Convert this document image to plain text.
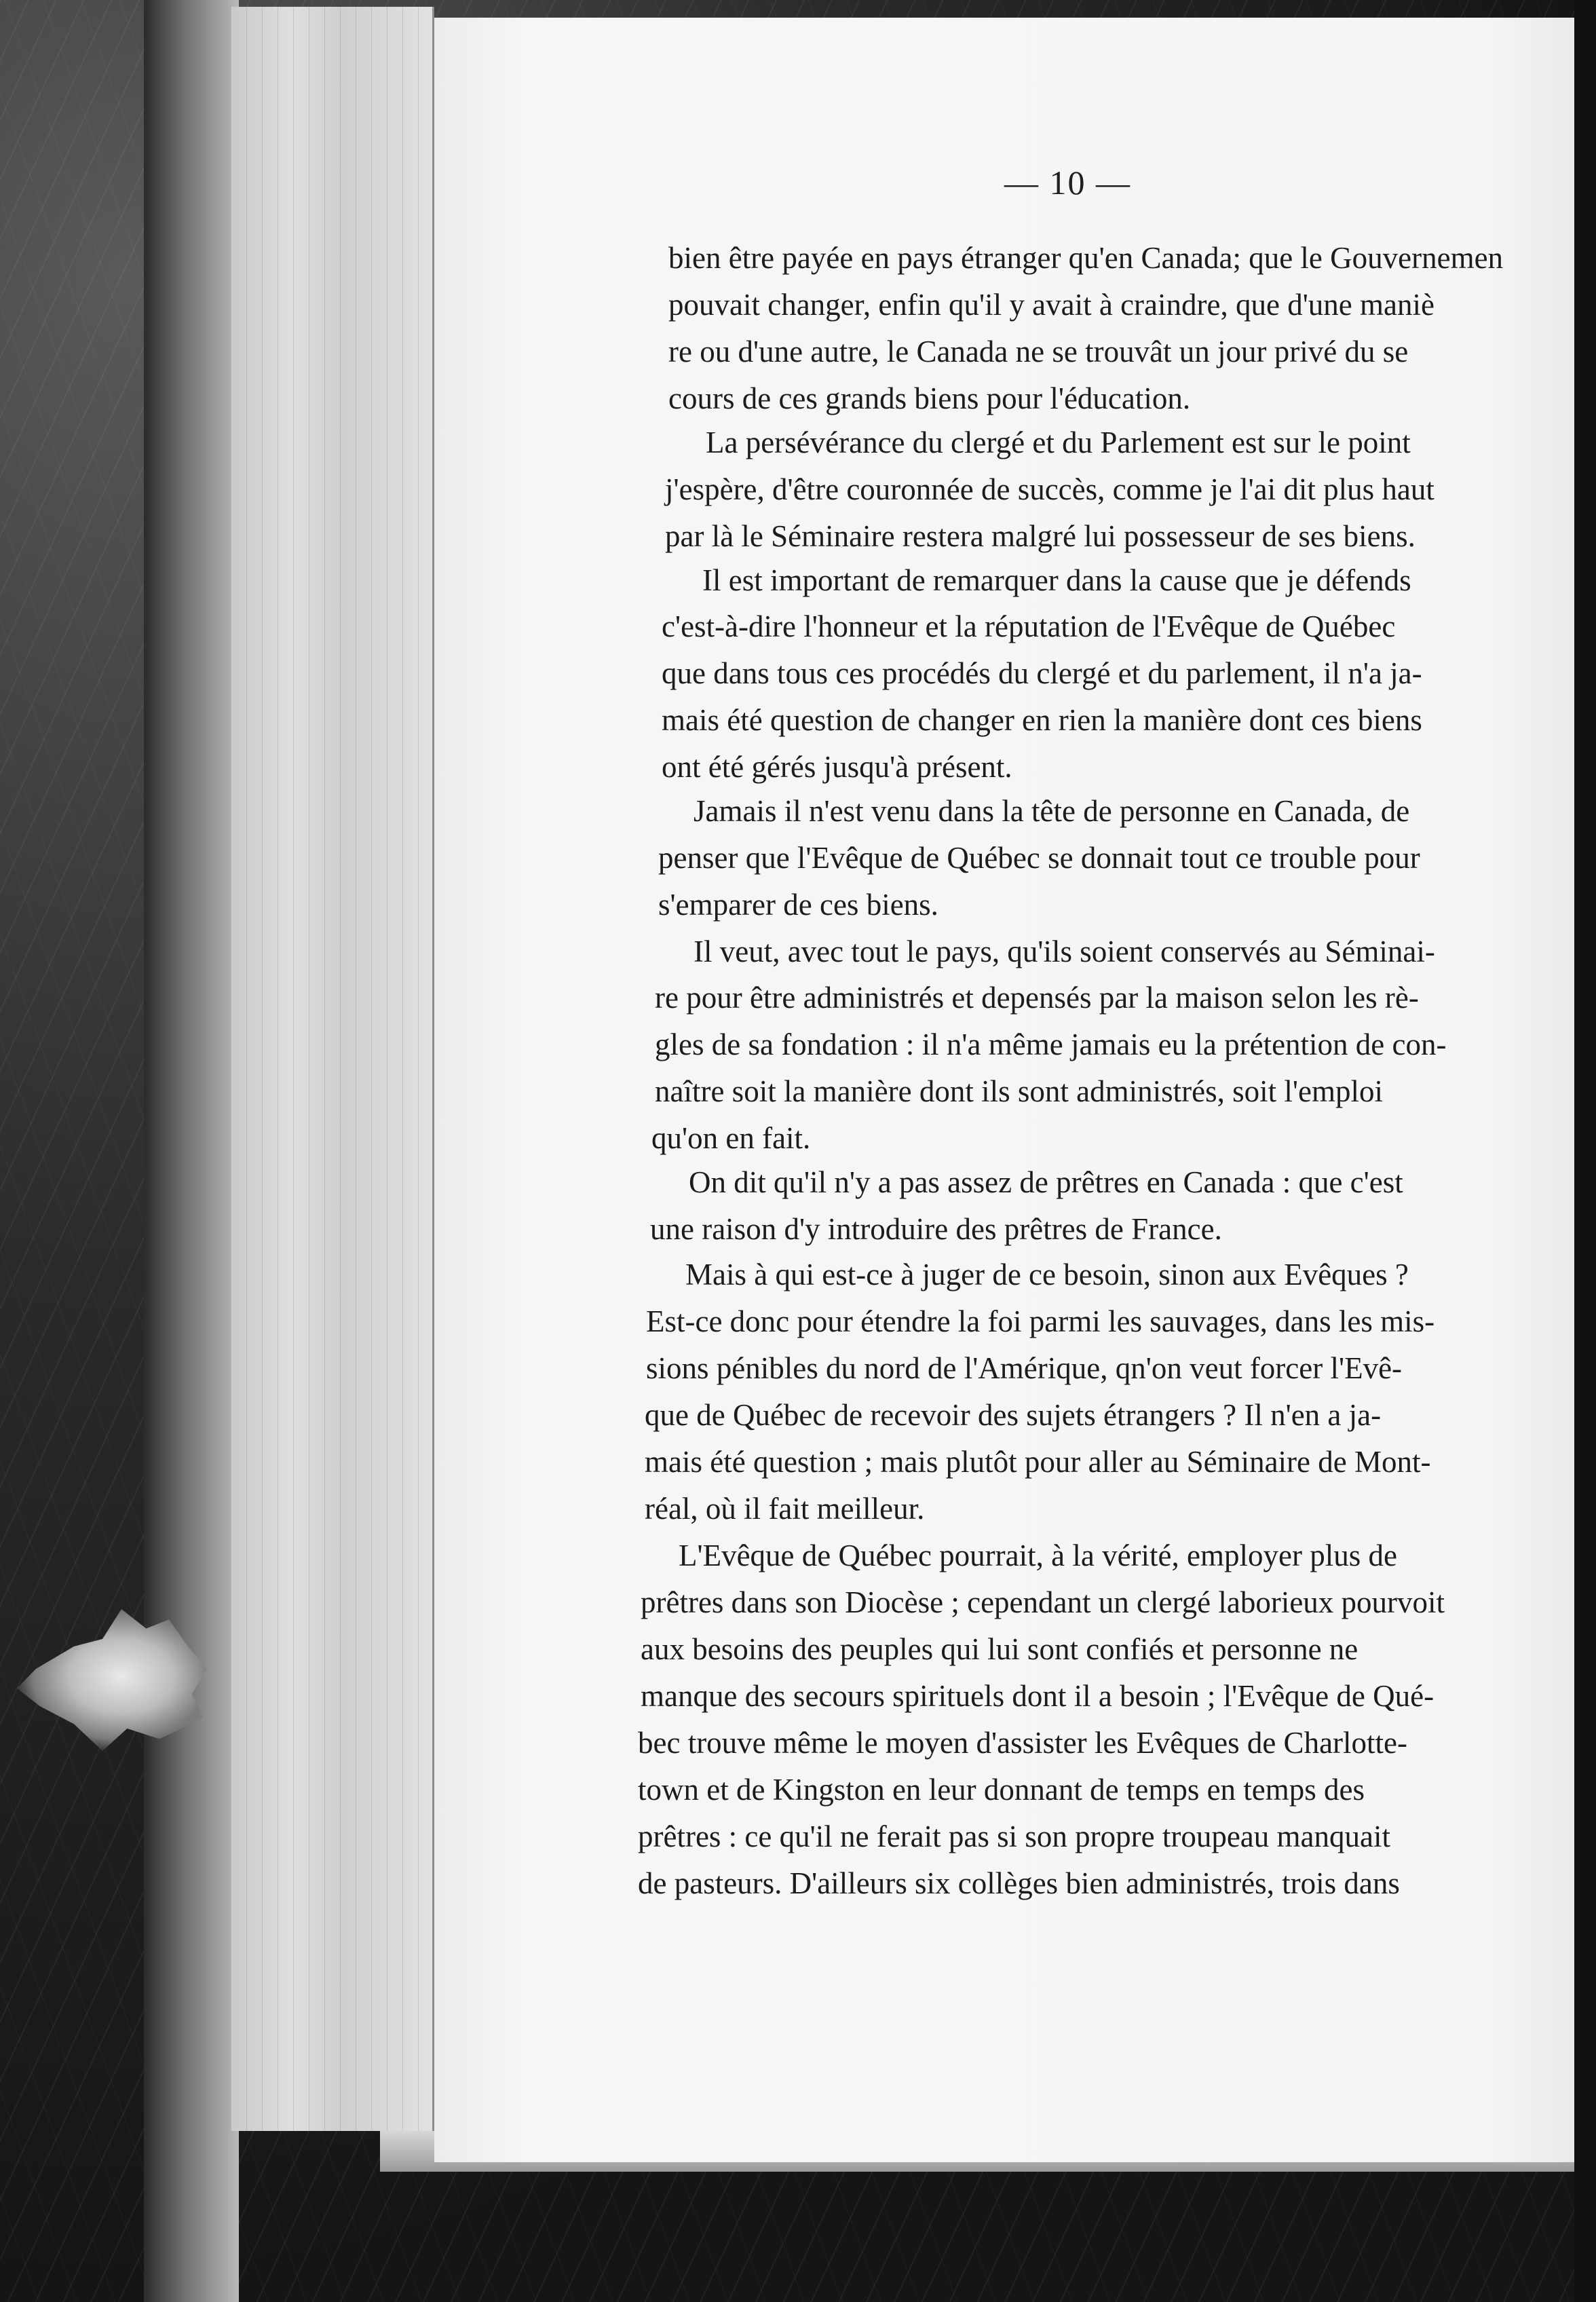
— 10 —
bien être payée en pays étranger qu'en Canada; que le Gouvernemen
pouvait changer, enfin qu'il y avait à craindre, que d'une maniè
re ou d'une autre, le Canada ne se trouvât un jour privé du se
cours de ces grands biens pour l'éducation.
La persévérance du clergé et du Parlement est sur le point
j'espère, d'être couronnée de succès, comme je l'ai dit plus haut
par là le Séminaire restera malgré lui possesseur de ses biens.
Il est important de remarquer dans la cause que je défends
c'est-à-dire l'honneur et la réputation de l'Evêque de Québec
que dans tous ces procédés du clergé et du parlement, il n'a ja-
mais été question de changer en rien la manière dont ces biens
ont été gérés jusqu'à présent.
Jamais il n'est venu dans la tête de personne en Canada, de
penser que l'Evêque de Québec se donnait tout ce trouble pour
s'emparer de ces biens.
Il veut, avec tout le pays, qu'ils soient conservés au Séminai-
re pour être administrés et depensés par la maison selon les rè-
gles de sa fondation : il n'a même jamais eu la prétention de con-
naître soit la manière dont ils sont administrés, soit l'emploi
qu'on en fait.
On dit qu'il n'y a pas assez de prêtres en Canada : que c'est
une raison d'y introduire des prêtres de France.
Mais à qui est-ce à juger de ce besoin, sinon aux Evêques ?
Est-ce donc pour étendre la foi parmi les sauvages, dans les mis-
sions pénibles du nord de l'Amérique, qn'on veut forcer l'Evê-
que de Québec de recevoir des sujets étrangers ? Il n'en a ja-
mais été question ; mais plutôt pour aller au Séminaire de Mont-
réal, où il fait meilleur.
L'Evêque de Québec pourrait, à la vérité, employer plus de
prêtres dans son Diocèse ; cependant un clergé laborieux pourvoit
aux besoins des peuples qui lui sont confiés et personne ne
manque des secours spirituels dont il a besoin ; l'Evêque de Qué-
bec trouve même le moyen d'assister les Evêques de Charlotte-
town et de Kingston en leur donnant de temps en temps des
prêtres : ce qu'il ne ferait pas si son propre troupeau manquait
de pasteurs. D'ailleurs six collèges bien administrés, trois dans
